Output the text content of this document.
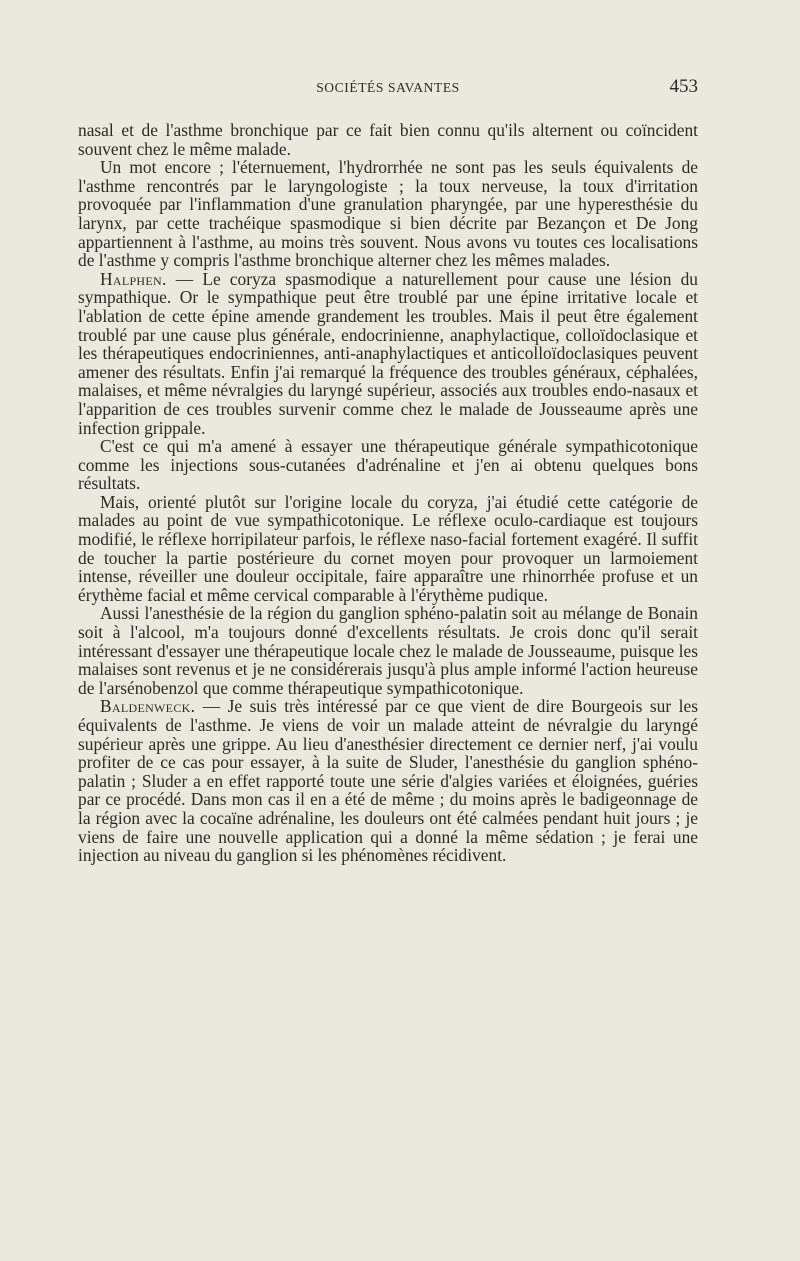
SOCIÉTÉS SAVANTES	453

nasal et de l'asthme bronchique par ce fait bien connu qu'ils alternent ou coïncident souvent chez le même malade.

Un mot encore ; l'éternuement, l'hydrorrhée ne sont pas les seuls équivalents de l'asthme rencontrés par le laryngologiste ; la toux nerveuse, la toux d'irritation provoquée par l'inflammation d'une granulation pharyngée, par une hyperesthésie du larynx, par cette trachéique spasmodique si bien décrite par Bezançon et De Jong appartiennent à l'asthme, au moins très souvent. Nous avons vu toutes ces localisations de l'asthme y compris l'asthme bronchique alterner chez les mêmes malades.

Halphen. — Le coryza spasmodique a naturellement pour cause une lésion du sympathique. Or le sympathique peut être troublé par une épine irritative locale et l'ablation de cette épine amende grandement les troubles. Mais il peut être également troublé par une cause plus générale, endocrinienne, anaphylactique, colloïdoclasique et les thérapeutiques endocriniennes, anti-anaphylactiques et anticolloïdoclasiques peuvent amener des résultats. Enfin j'ai remarqué la fréquence des troubles généraux, céphalées, malaises, et même névralgies du laryngé supérieur, associés aux troubles endo-nasaux et l'apparition de ces troubles survenir comme chez le malade de Jousseaume après une infection grippale.

C'est ce qui m'a amené à essayer une thérapeutique générale sympathicotonique comme les injections sous-cutanées d'adrénaline et j'en ai obtenu quelques bons résultats.

Mais, orienté plutôt sur l'origine locale du coryza, j'ai étudié cette catégorie de malades au point de vue sympathicotonique. Le réflexe oculo-cardiaque est toujours modifié, le réflexe horripilateur parfois, le réflexe naso-facial fortement exagéré. Il suffit de toucher la partie postérieure du cornet moyen pour provoquer un larmoiement intense, réveiller une douleur occipitale, faire apparaître une rhinorrhée profuse et un érythème facial et même cervical comparable à l'érythème pudique.

Aussi l'anesthésie de la région du ganglion sphéno-palatin soit au mélange de Bonain soit à l'alcool, m'a toujours donné d'excellents résultats. Je crois donc qu'il serait intéressant d'essayer une thérapeutique locale chez le malade de Jousseaume, puisque les malaises sont revenus et je ne considérerais jusqu'à plus ample informé l'action heureuse de l'arsénobenzol que comme thérapeutique sympathicotonique.

Baldenweck. — Je suis très intéressé par ce que vient de dire Bourgeois sur les équivalents de l'asthme. Je viens de voir un malade atteint de névralgie du laryngé supérieur après une grippe. Au lieu d'anesthésier directement ce dernier nerf, j'ai voulu profiter de ce cas pour essayer, à la suite de Sluder, l'anesthésie du ganglion sphéno-palatin ; Sluder a en effet rapporté toute une série d'algies variées et éloignées, guéries par ce procédé. Dans mon cas il en a été de même ; du moins après le badigeonnage de la région avec la cocaïne adrénaline, les douleurs ont été calmées pendant huit jours ; je viens de faire une nouvelle application qui a donné la même sédation ; je ferai une injection au niveau du ganglion si les phénomènes récidivent.
